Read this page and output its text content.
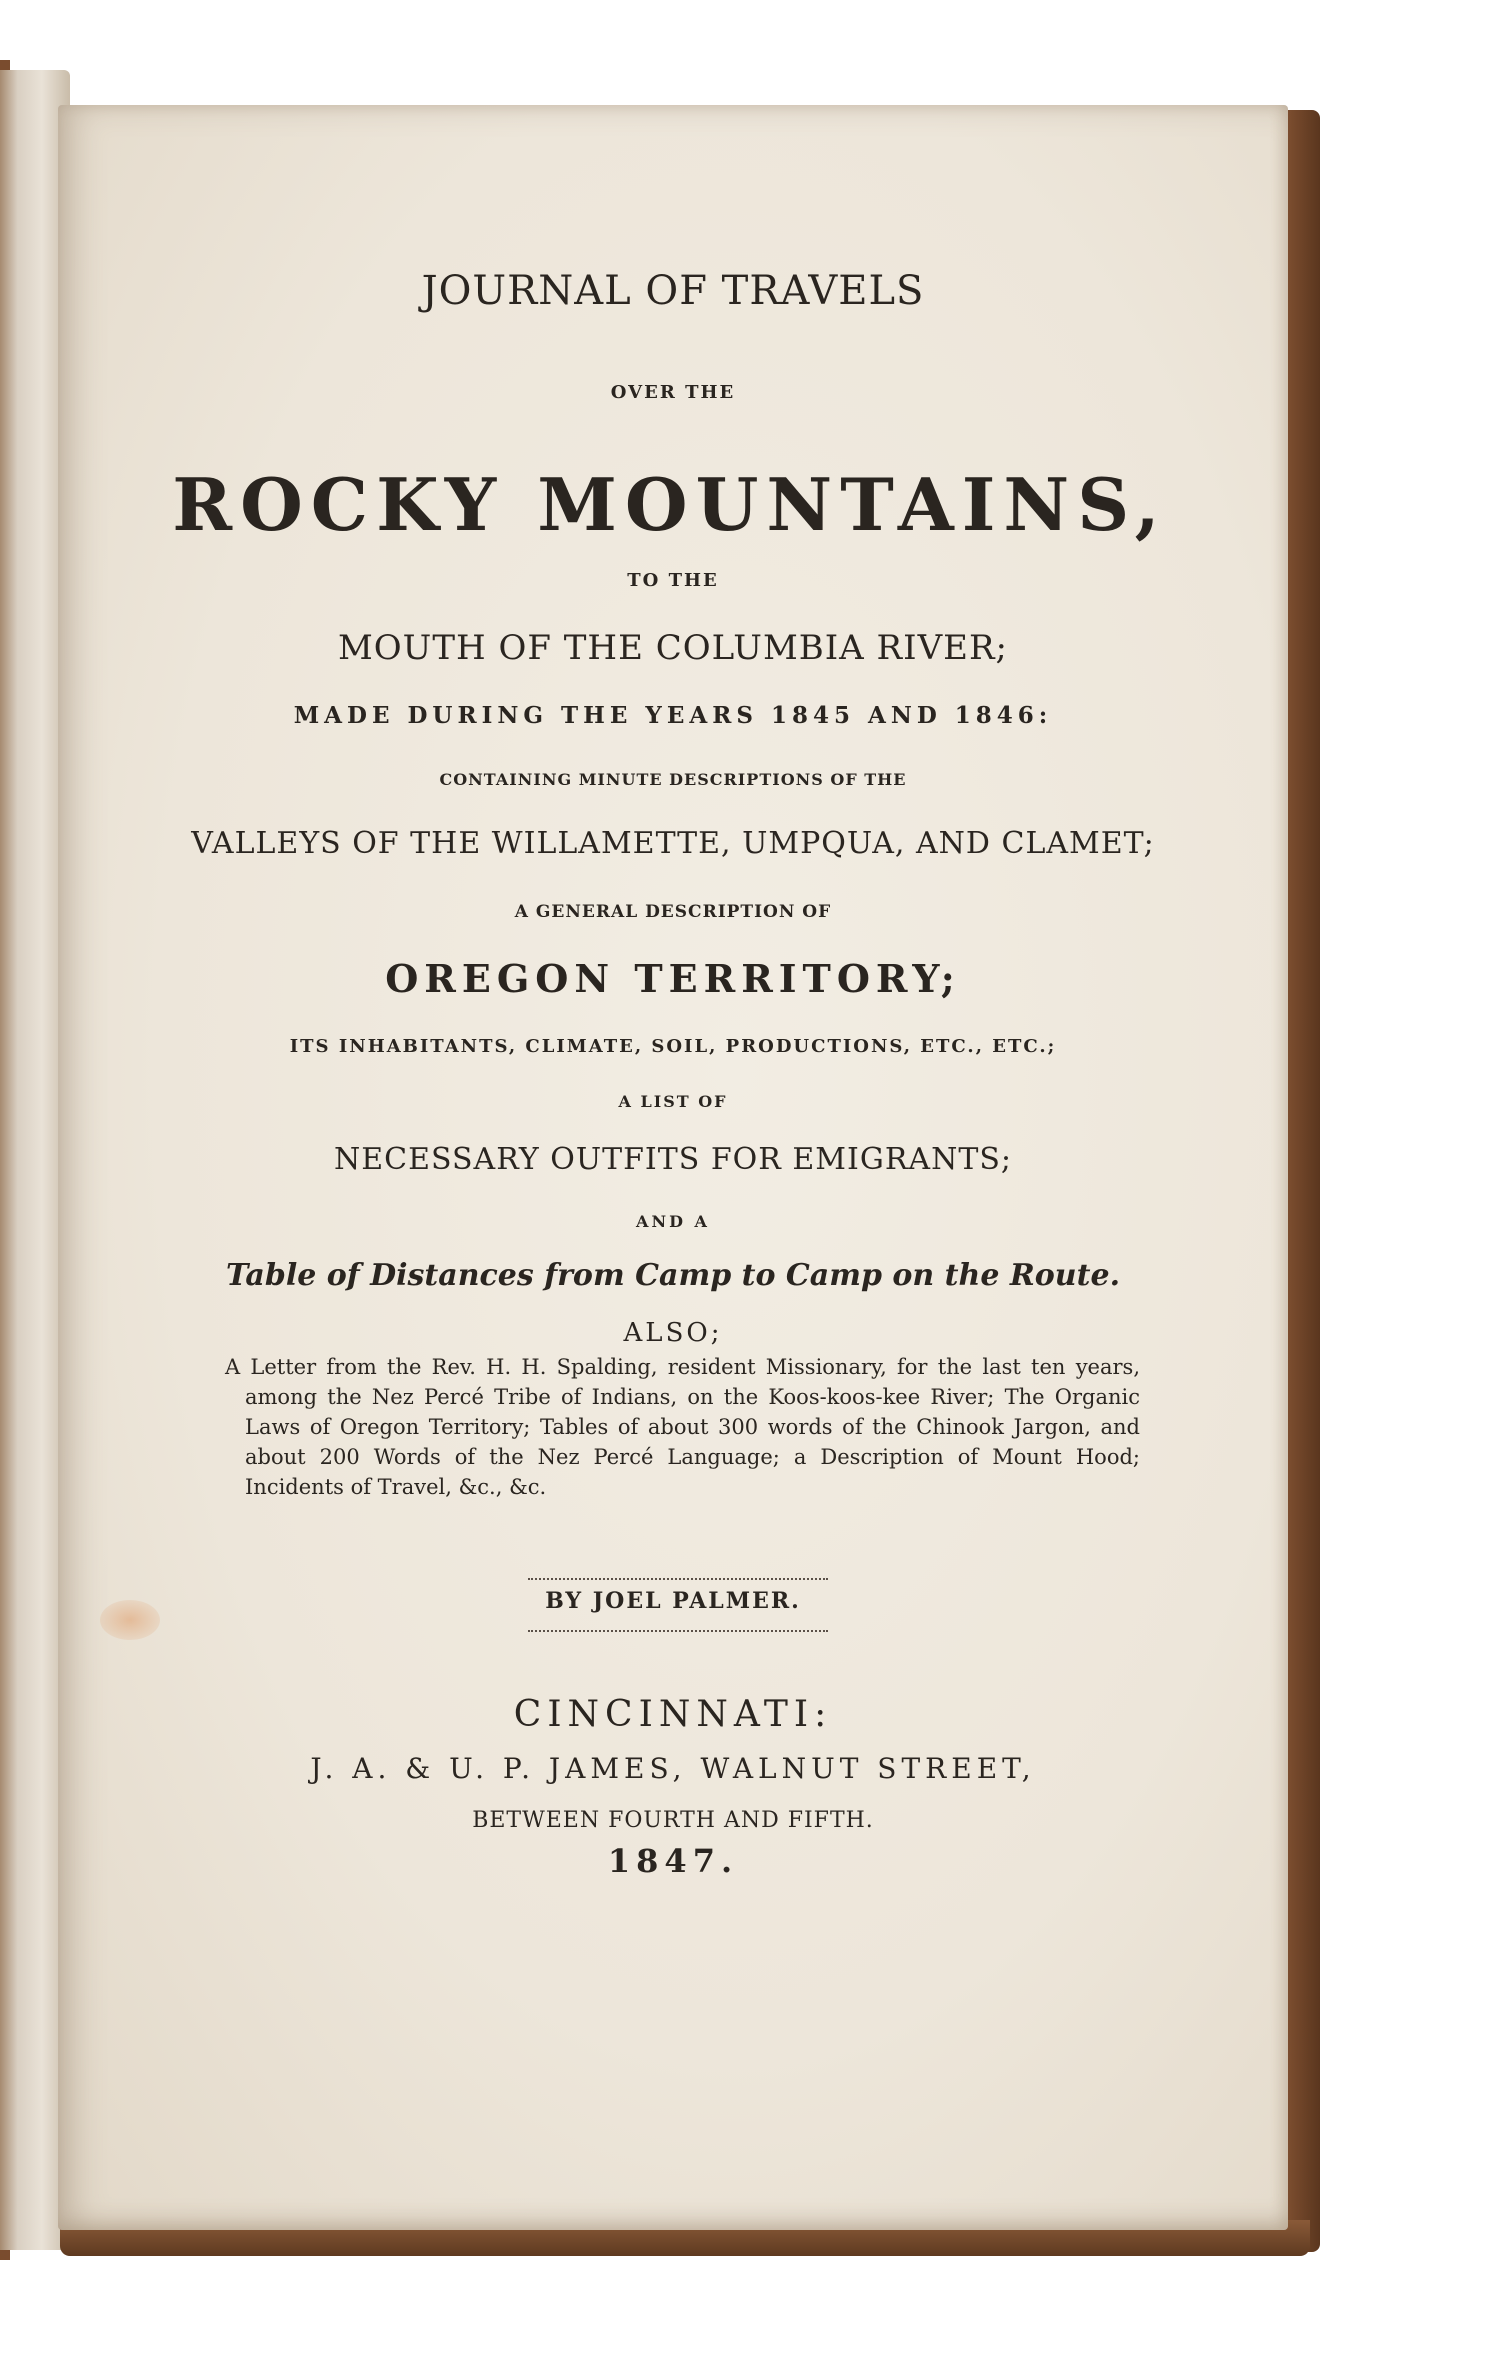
JOURNAL OF TRAVELS

OVER THE

ROCKY MOUNTAINS,

TO THE

MOUTH OF THE COLUMBIA RIVER;

MADE DURING THE YEARS 1845 AND 1846:

CONTAINING MINUTE DESCRIPTIONS OF THE

VALLEYS OF THE WILLAMETTE, UMPQUA, AND CLAMET;

A GENERAL DESCRIPTION OF

OREGON TERRITORY;

ITS INHABITANTS, CLIMATE, SOIL, PRODUCTIONS, ETC., ETC.;

A LIST OF

NECESSARY OUTFITS FOR EMIGRANTS;

AND A

Table of Distances from Camp to Camp on the Route.

ALSO;

A Letter from the Rev. H. H. Spalding, resident Missionary, for the last ten years, among the Nez Percé Tribe of Indians, on the Koos-koos-kee River; The Organic Laws of Oregon Territory; Tables of about 300 words of the Chinook Jargon, and about 200 Words of the Nez Percé Language; a Description of Mount Hood; Incidents of Travel, &c., &c.

BY JOEL PALMER.

CINCINNATI:

J. A. & U. P. JAMES, WALNUT STREET,

BETWEEN FOURTH AND FIFTH.

1847.
